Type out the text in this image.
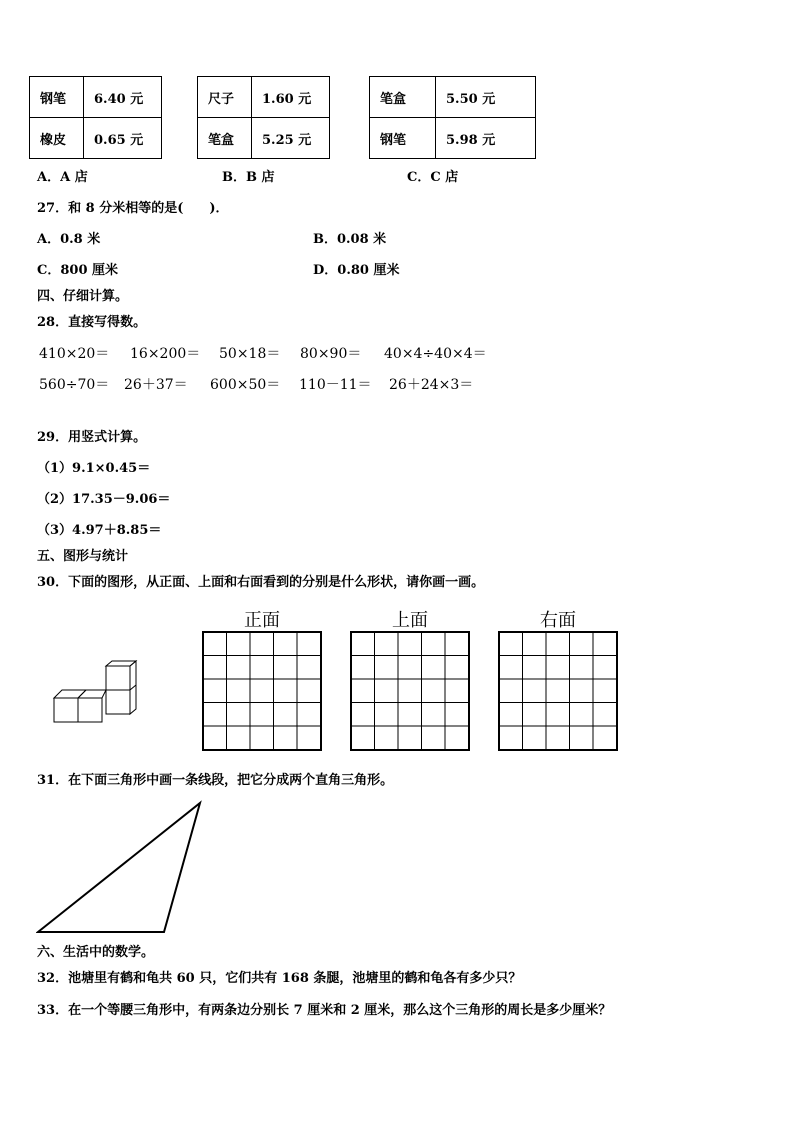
钢笔	6.40 元
橡皮	0.65 元
尺子	1.60 元
笔盒	5.25 元
笔盒	5.50 元
钢笔	5.98 元
A．A 店	B．B 店	C．C 店
27．和 8 分米相等的是(　　)．
A．0.8 米	B．0.08 米
C．800 厘米	D．0.80 厘米
四、仔细计算。
28．直接写得数。
410×20＝ 16×200＝ 50×18＝ 80×90＝ 40×4÷40×4＝
560÷70＝ 26＋37＝ 600×50＝ 110－11＝ 26＋24×3＝
29．用竖式计算。
（1）9.1×0.45＝
（2）17.35－9.06＝
（3）4.97＋8.85＝
五、图形与统计
30．下面的图形，从正面、上面和右面看到的分别是什么形状，请你画一画。
正面	上面	右面
31．在下面三角形中画一条线段，把它分成两个直角三角形。
六、生活中的数学。
32．池塘里有鹤和龟共 60 只，它们共有 168 条腿，池塘里的鹤和龟各有多少只？
33．在一个等腰三角形中，有两条边分别长 7 厘米和 2 厘米，那么这个三角形的周长是多少厘米？
